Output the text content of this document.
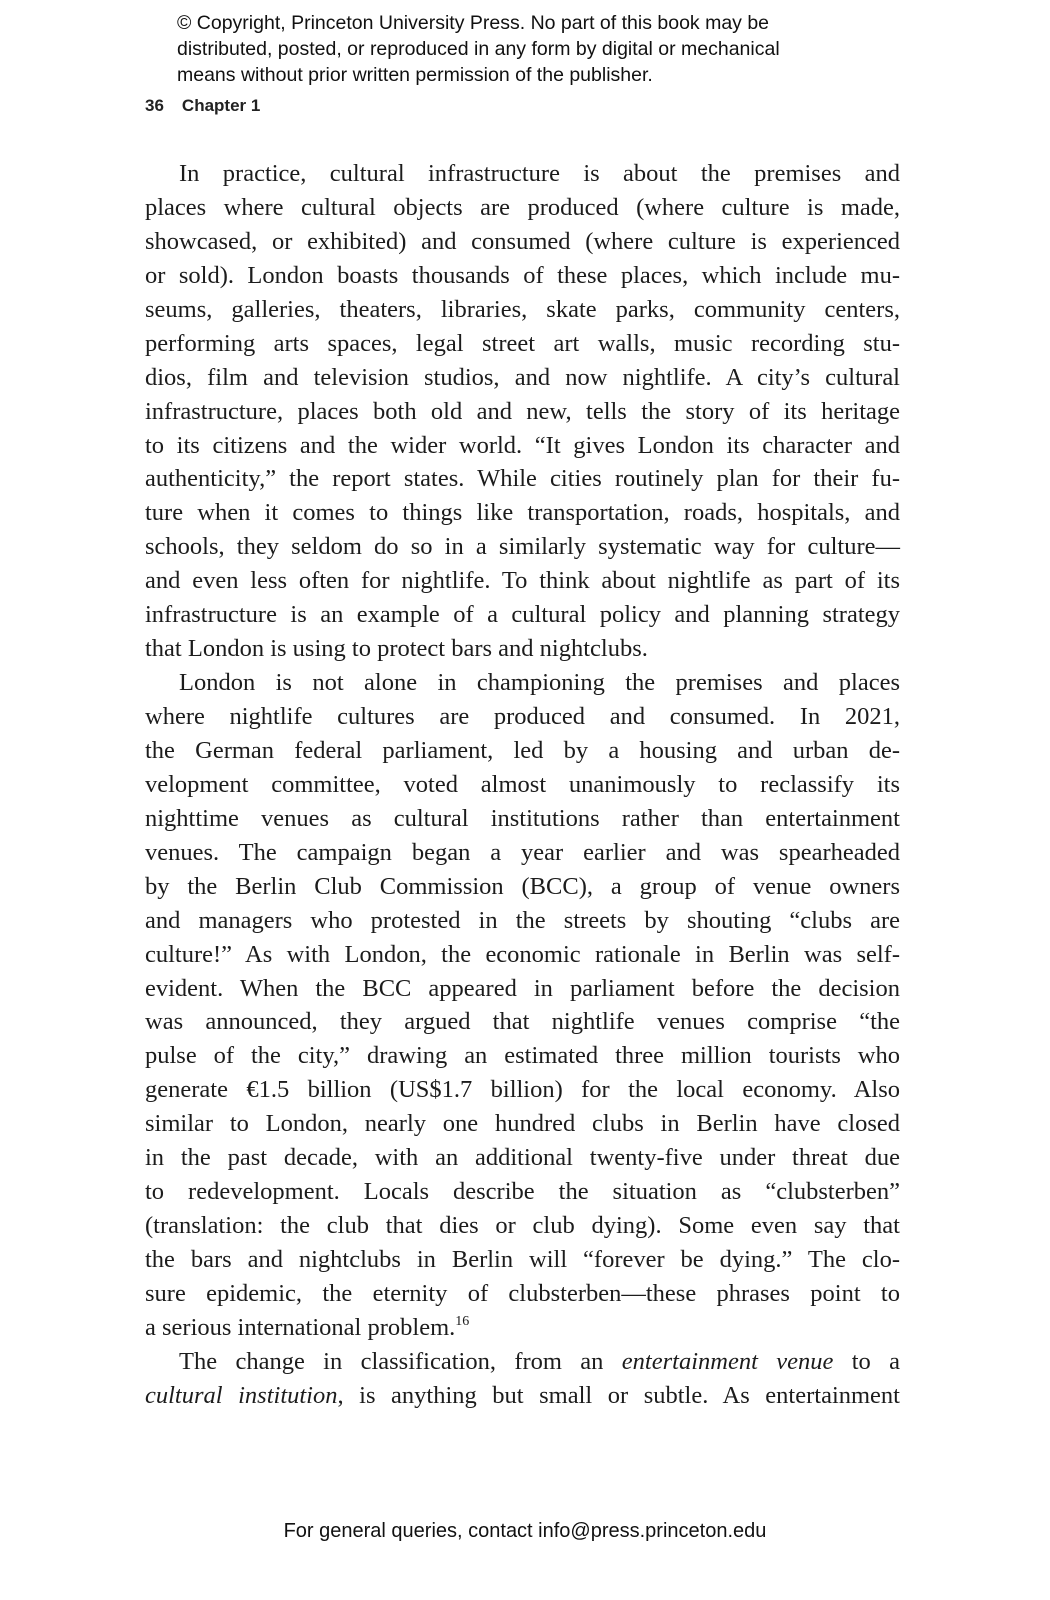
© Copyright, Princeton University Press. No part of this book may be
distributed, posted, or reproduced in any form by digital or mechanical
means without prior written permission of the publisher.
36 Chapter 1
In practice, cultural infrastructure is about the premises and
places where cultural objects are produced (where culture is made,
showcased, or exhibited) and consumed (where culture is experienced
or sold). London boasts thousands of these places, which include mu-
seums, galleries, theaters, libraries, skate parks, community centers,
performing arts spaces, legal street art walls, music recording stu-
dios, film and television studios, and now nightlife. A city’s cultural
infrastructure, places both old and new, tells the story of its heritage
to its citizens and the wider world. “It gives London its character and
authenticity,” the report states. While cities routinely plan for their fu-
ture when it comes to things like transportation, roads, hospitals, and
schools, they seldom do so in a similarly systematic way for culture—
and even less often for nightlife. To think about nightlife as part of its
infrastructure is an example of a cultural policy and planning strategy
that London is using to protect bars and nightclubs.
London is not alone in championing the premises and places
where nightlife cultures are produced and consumed. In 2021,
the German federal parliament, led by a housing and urban de-
velopment committee, voted almost unanimously to reclassify its
nighttime venues as cultural institutions rather than entertainment
venues. The campaign began a year earlier and was spearheaded
by the Berlin Club Commission (BCC), a group of venue owners
and managers who protested in the streets by shouting “clubs are
culture!” As with London, the economic rationale in Berlin was self-
evident. When the BCC appeared in parliament before the decision
was announced, they argued that nightlife venues comprise “the
pulse of the city,” drawing an estimated three million tourists who
generate €1.5 billion (US$1.7 billion) for the local economy. Also
similar to London, nearly one hundred clubs in Berlin have closed
in the past decade, with an additional twenty-five under threat due
to redevelopment. Locals describe the situation as “clubsterben”
(translation: the club that dies or club dying). Some even say that
the bars and nightclubs in Berlin will “forever be dying.” The clo-
sure epidemic, the eternity of clubsterben—these phrases point to
a serious international problem.$^{16}$
The change in classification, from an entertainment venue to a
cultural institution, is anything but small or subtle. As entertainment
For general queries, contact info@press.princeton.edu
